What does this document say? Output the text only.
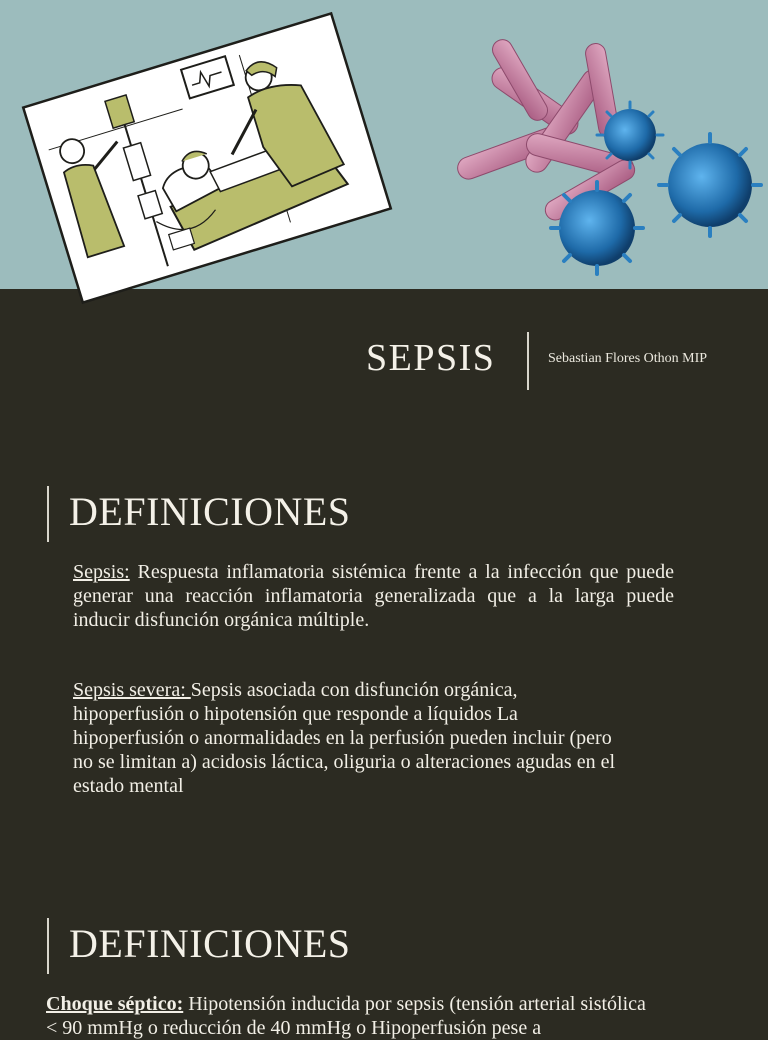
SEPSIS	Sebastian Flores Othon MIP
DEFINICIONES

Sepsis: Respuesta inflamatoria sistémica frente a la infección que puede generar una reacción inflamatoria generalizada que a la larga puede inducir disfunción orgánica múltiple.

Sepsis severa: Sepsis asociada con disfunción orgánica, hipoperfusión o hipotensión que responde a líquidos La hipoperfusión o anormalidades en la perfusión pueden incluir (pero no se limitan a) acidosis láctica, oliguria o alteraciones agudas en el estado mental

DEFINICIONES

Choque séptico: Hipotensión inducida por sepsis (tensión arterial sistólica < 90 mmHg o reducción de 40 mmHg o Hipoperfusión pese a
